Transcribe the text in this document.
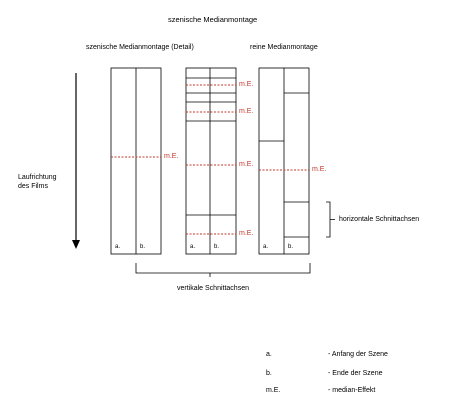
szenische Medianmontage
szenische Medianmontage (Detail)	reine Medianmontage
Laufrichtung
des Films
a.	b.	a.	b.	a.	b.
m.E.
m.E.
m.E.
m.E.
m.E.
m.E.
horizontale Schnittachsen
vertikale Schnittachsen
a.	- Anfang der Szene
b.	- Ende der Szene
m.E.	- median-Effekt
